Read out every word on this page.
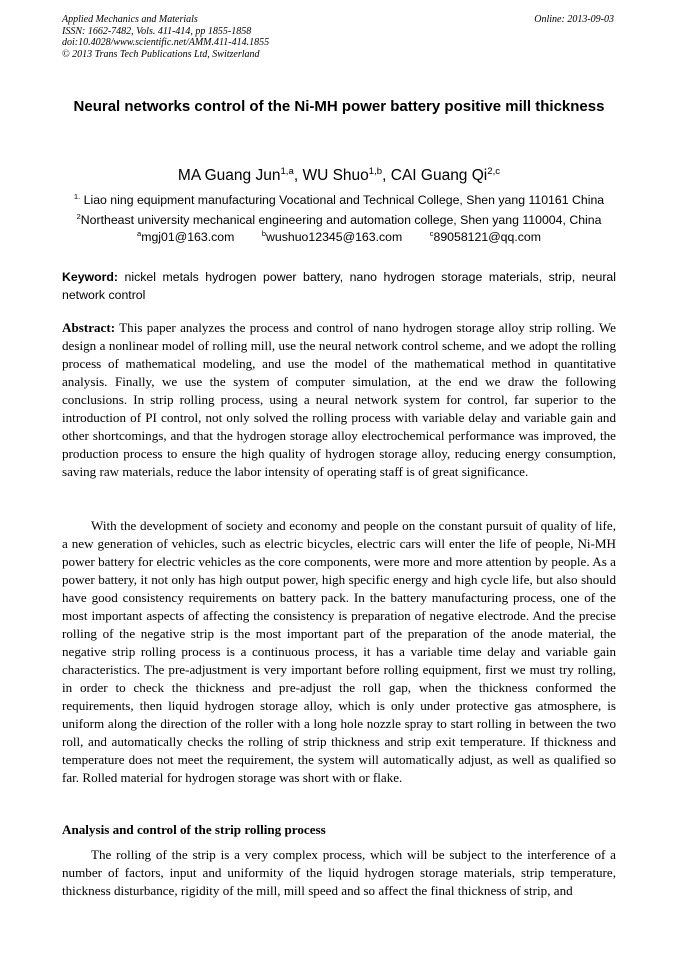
Applied Mechanics and Materials
ISSN: 1662-7482, Vols. 411-414, pp 1855-1858
doi:10.4028/www.scientific.net/AMM.411-414.1855
© 2013 Trans Tech Publications Ltd, Switzerland
Online: 2013-09-03
Neural networks control of the Ni-MH power battery positive mill thickness
MA Guang Jun$^{1,a}$, WU Shuo$^{1,b}$, CAI Guang Qi$^{2,c}$
$^{1.}$ Liao ning equipment manufacturing Vocational and Technical College, Shen yang 110161 China
$^2$Northeast university mechanical engineering and automation college, Shen yang 110004, China
$^a$mgj01@163.com	$^b$wushuo12345@163.com	$^c$89058121@qq.com
Keyword: nickel metals hydrogen power battery, nano hydrogen storage materials, strip, neural network control
Abstract: This paper analyzes the process and control of nano hydrogen storage alloy strip rolling. We design a nonlinear model of rolling mill, use the neural network control scheme, and we adopt the rolling process of mathematical modeling, and use the model of the mathematical method in quantitative analysis. Finally, we use the system of computer simulation, at the end we draw the following conclusions. In strip rolling process, using a neural network system for control, far superior to the introduction of PI control, not only solved the rolling process with variable delay and variable gain and other shortcomings, and that the hydrogen storage alloy electrochemical performance was improved, the production process to ensure the high quality of hydrogen storage alloy, reducing energy consumption, saving raw materials, reduce the labor intensity of operating staff is of great significance.
With the development of society and economy and people on the constant pursuit of quality of life, a new generation of vehicles, such as electric bicycles, electric cars will enter the life of people, Ni-MH power battery for electric vehicles as the core components, were more and more attention by people. As a power battery, it not only has high output power, high specific energy and high cycle life, but also should have good consistency requirements on battery pack. In the battery manufacturing process, one of the most important aspects of affecting the consistency is preparation of negative electrode. And the precise rolling of the negative strip is the most important part of the preparation of the anode material, the negative strip rolling process is a continuous process, it has a variable time delay and variable gain characteristics. The pre-adjustment is very important before rolling equipment, first we must try rolling, in order to check the thickness and pre-adjust the roll gap, when the thickness conformed the requirements, then liquid hydrogen storage alloy, which is only under protective gas atmosphere, is uniform along the direction of the roller with a long hole nozzle spray to start rolling in between the two roll, and automatically checks the rolling of strip thickness and strip exit temperature. If thickness and temperature does not meet the requirement, the system will automatically adjust, as well as qualified so far. Rolled material for hydrogen storage was short with or flake.
Analysis and control of the strip rolling process
The rolling of the strip is a very complex process, which will be subject to the interference of a number of factors, input and uniformity of the liquid hydrogen storage materials, strip temperature, thickness disturbance, rigidity of the mill, mill speed and so affect the final thickness of strip, and
